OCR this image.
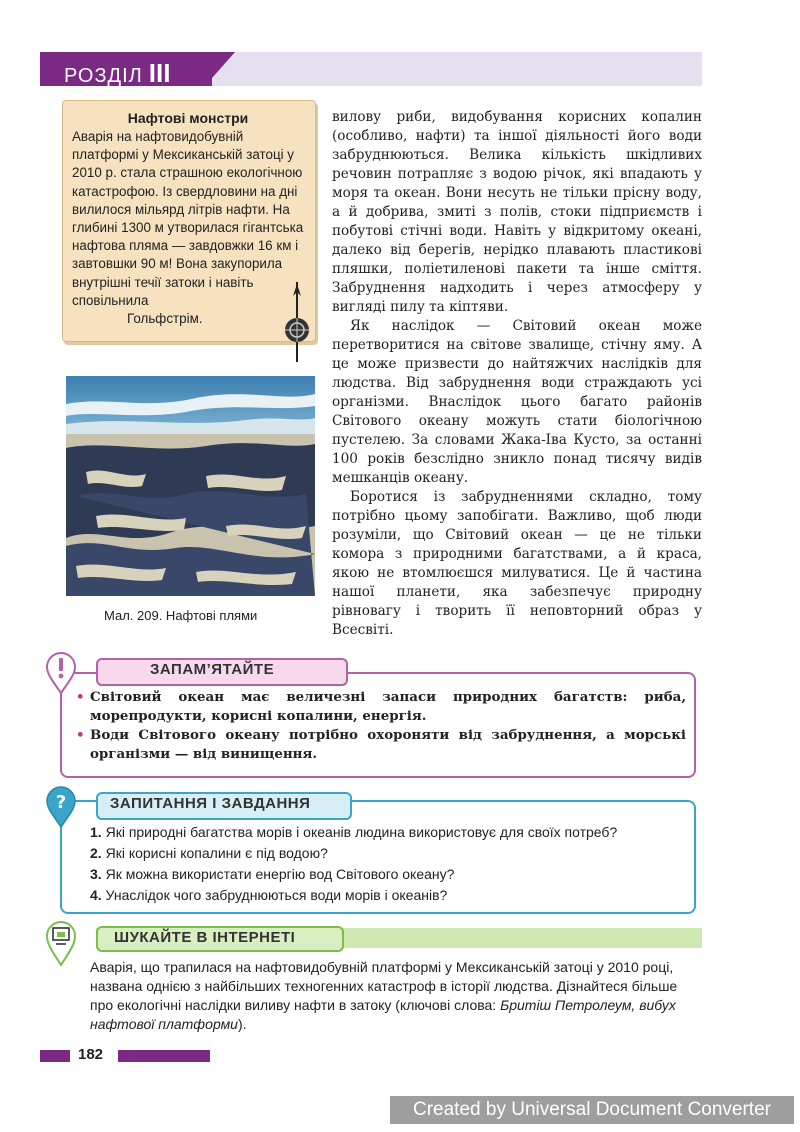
РОЗДІЛ III
Нафтові монстри
Аварія на нафтовидобувній платформі у Мексиканській затоці у 2010 р. стала страшною екологічною катастрофою. Із свердловини на дні вилилося мільярд літрів нафти. На глибині 1300 м утворилася гігантська нафтова пляма — завдовжки 16 км і завтовшки 90 м! Вона закупорила внутрішні течії затоки і навіть сповільнила
Гольфстрім.
Мал. 209. Нафтові плями

вилову риби, видобування корисних копалин (особливо, нафти) та іншої діяльності його води забруднюються. Велика кількість шкідливих речовин потрапляє з водою річок, які впадають у моря та океан. Вони несуть не тільки прісну воду, а й добрива, змиті з полів, стоки підприємств і побутові стічні води. Навіть у відкритому океані, далеко від берегів, нерідко плавають пластикові пляшки, поліетиленові пакети та інше сміття. Забруднення надходить і через атмосферу у вигляді пилу та кіптяви.

Як наслідок — Світовий океан може перетворитися на світове звалище, стічну яму. А це може призвести до найтяжчих наслідків для людства. Від забруднення води страждають усі організми. Внаслідок цього багато районів Світового океану можуть стати біологічною пустелею. За словами Жака-Іва Кусто, за останні 100 років безслідно зникло понад тисячу видів мешканців океану.

Боротися із забрудненнями складно, тому потрібно цьому запобігати. Важливо, щоб люди розуміли, що Світовий океан — це не тільки комора з природними багатствами, а й краса, якою не втомлюєшся милуватися. Це й частина нашої планети, яка забезпечує природну рівновагу і творить її неповторний образ у Всесвіті.

ЗАПАМ’ЯТАЙТЕ
• Світовий океан має величезні запаси природних багатств: риба, морепродукти, корисні копалини, енергія.
• Води Світового океану потрібно охороняти від забруднення, а морські організми — від винищення.
?	ЗАПИТАННЯ І ЗАВДАННЯ
1. Які природні багатства морів і океанів людина використовує для своїх потреб?
2. Які корисні копалини є під водою?
3. Як можна використати енергію вод Світового океану?
4. Унаслідок чого забруднюються води морів і океанів?
ШУКАЙТЕ В ІНТЕРНЕТІ
Аварія, що трапилася на нафтовидобувній платформі у Мексиканській затоці у 2010 році, названа однією з найбільших техногенних катастроф в історії людства. Дізнайтеся більше про екологічні наслідки виливу нафти в затоку (ключові слова: Бритіш Петролеум, вибух нафтової платформи).
182
Created by Universal Document Converter
